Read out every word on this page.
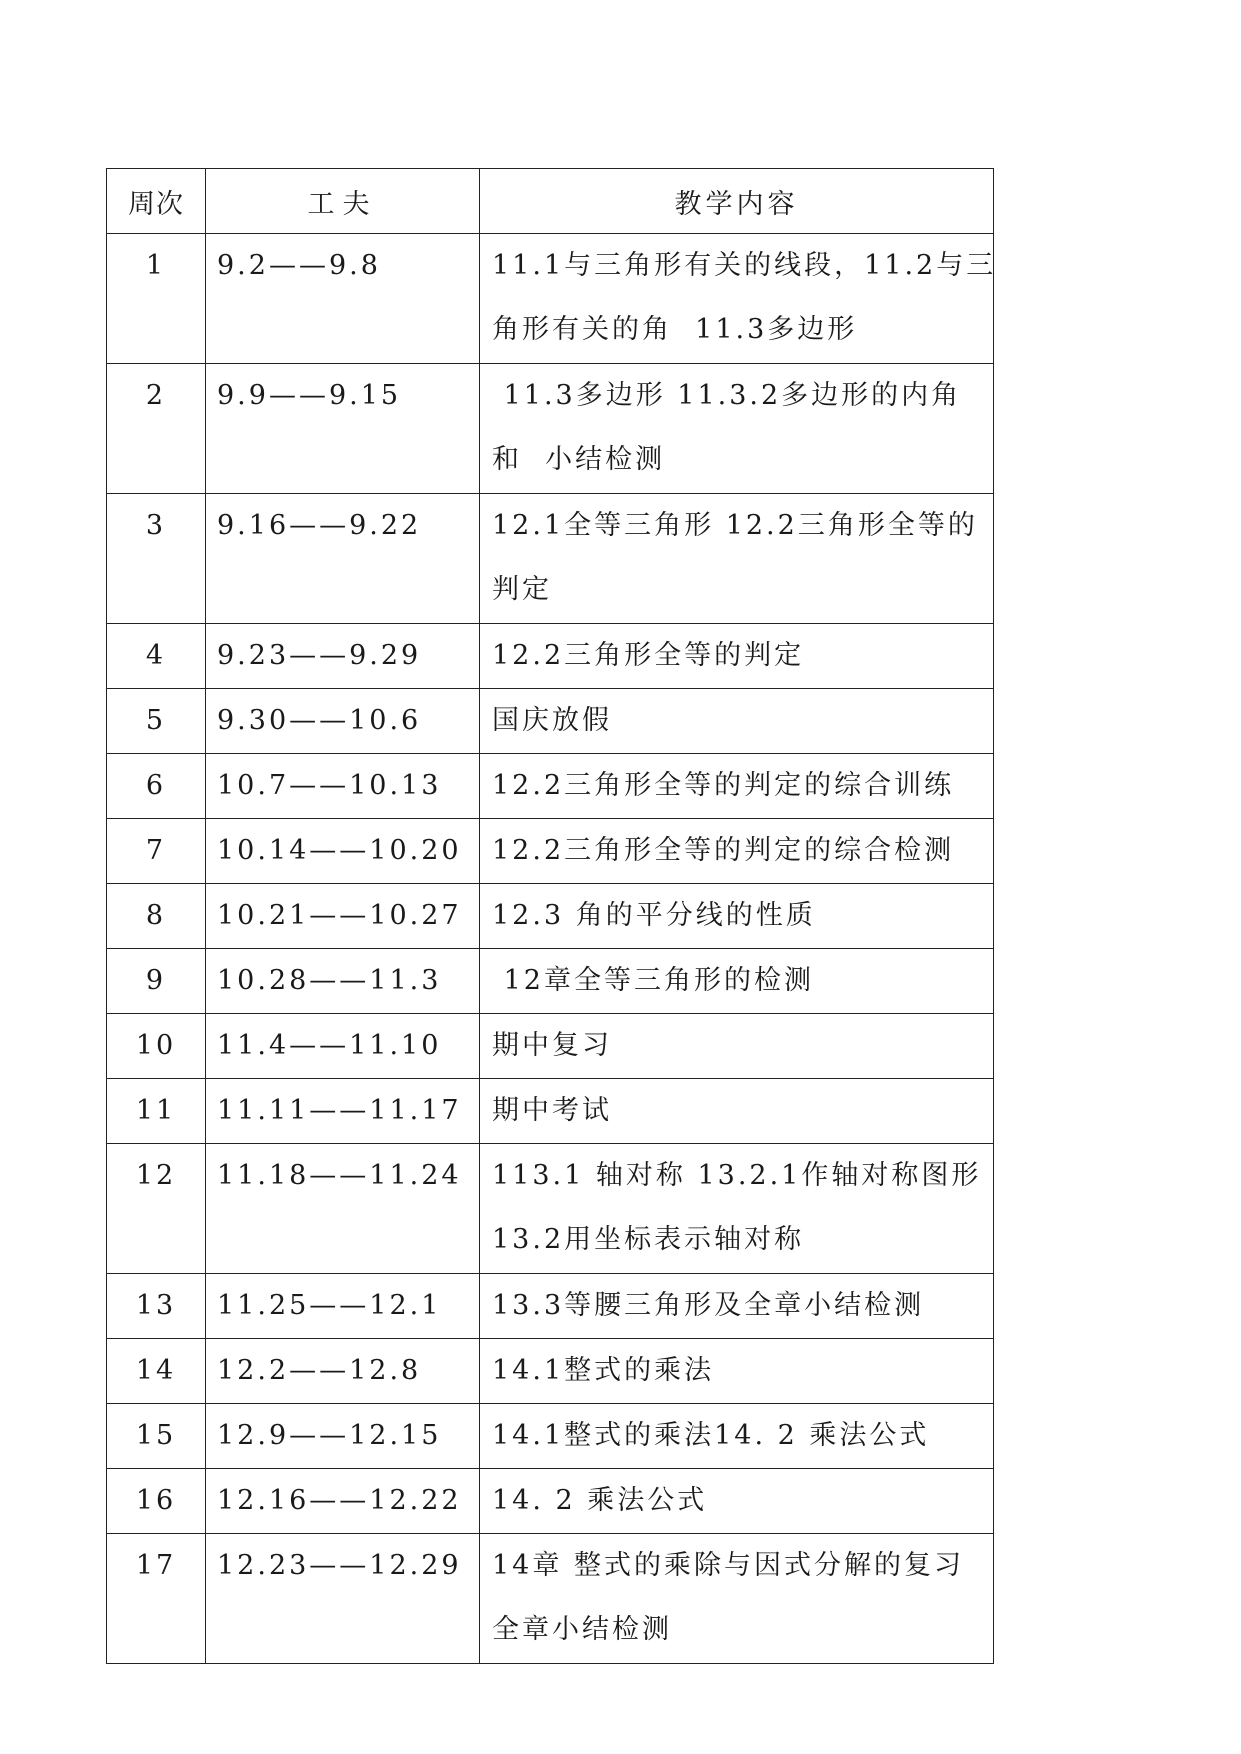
周次	工夫	教学内容
1	9.2——9.8	11.1与三角形有关的线段，11.2与三
角形有关的角  11.3多边形

2	9.9——9.15	11.3多边形 11.3.2多边形的内角
和  小结检测

3	9.16——9.22	12.1全等三角形 12.2三角形全等的
判定

4	9.23——9.29	12.2三角形全等的判定

5	9.30——10.6	国庆放假

6	10.7——10.13	12.2三角形全等的判定的综合训练

7	10.14——10.20	12.2三角形全等的判定的综合检测

8	10.21——10.27	12.3 角的平分线的性质

9	10.28——11.3	12章全等三角形的检测

10	11.4——11.10	期中复习

11	11.11——11.17	期中考试

12	11.18——11.24	113.1 轴对称 13.2.1作轴对称图形
13.2用坐标表示轴对称

13	11.25——12.1	13.3等腰三角形及全章小结检测

14	12.2——12.8	14.1整式的乘法

15	12.9——12.15	14.1整式的乘法14. 2 乘法公式

16	12.16——12.22	14. 2 乘法公式

17	12.23——12.29	14章 整式的乘除与因式分解的复习
全章小结检测
